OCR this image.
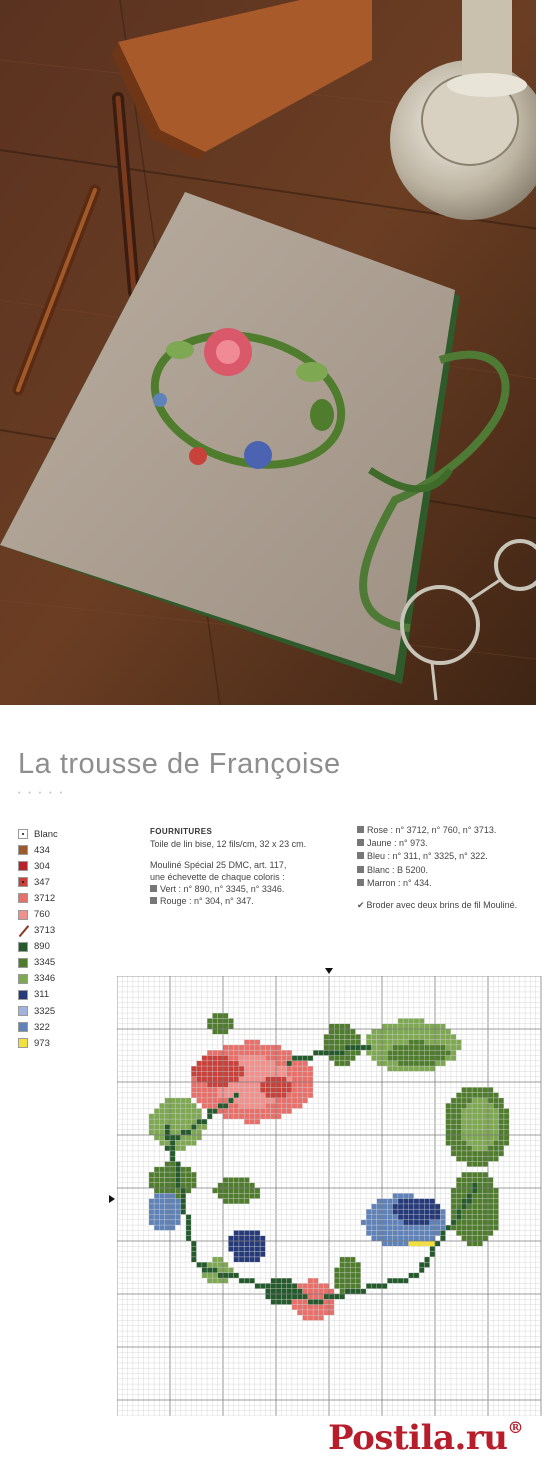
La trousse de Françoise
• • • • •
Blanc
434
304
347
3712
760
3713
890
3345
3346
311
3325
322
973

FOURNITURES

Toile de lin bise, 12 fils/cm, 32 x 23 cm.

Mouliné Spécial 25 DMC, art. 117,

une échevette de chaque coloris :

Vert : n° 890, n° 3345, n° 3346.

Rouge : n° 304, n° 347.

Rose : n° 3712, n° 760, n° 3713.

Jaune : n° 973.

Bleu : n° 311, n° 3325, n° 322.

Blanc : B 5200.

Marron : n° 434.

✔ Broder avec deux brins de fil Mouliné.

Postila.ru®
